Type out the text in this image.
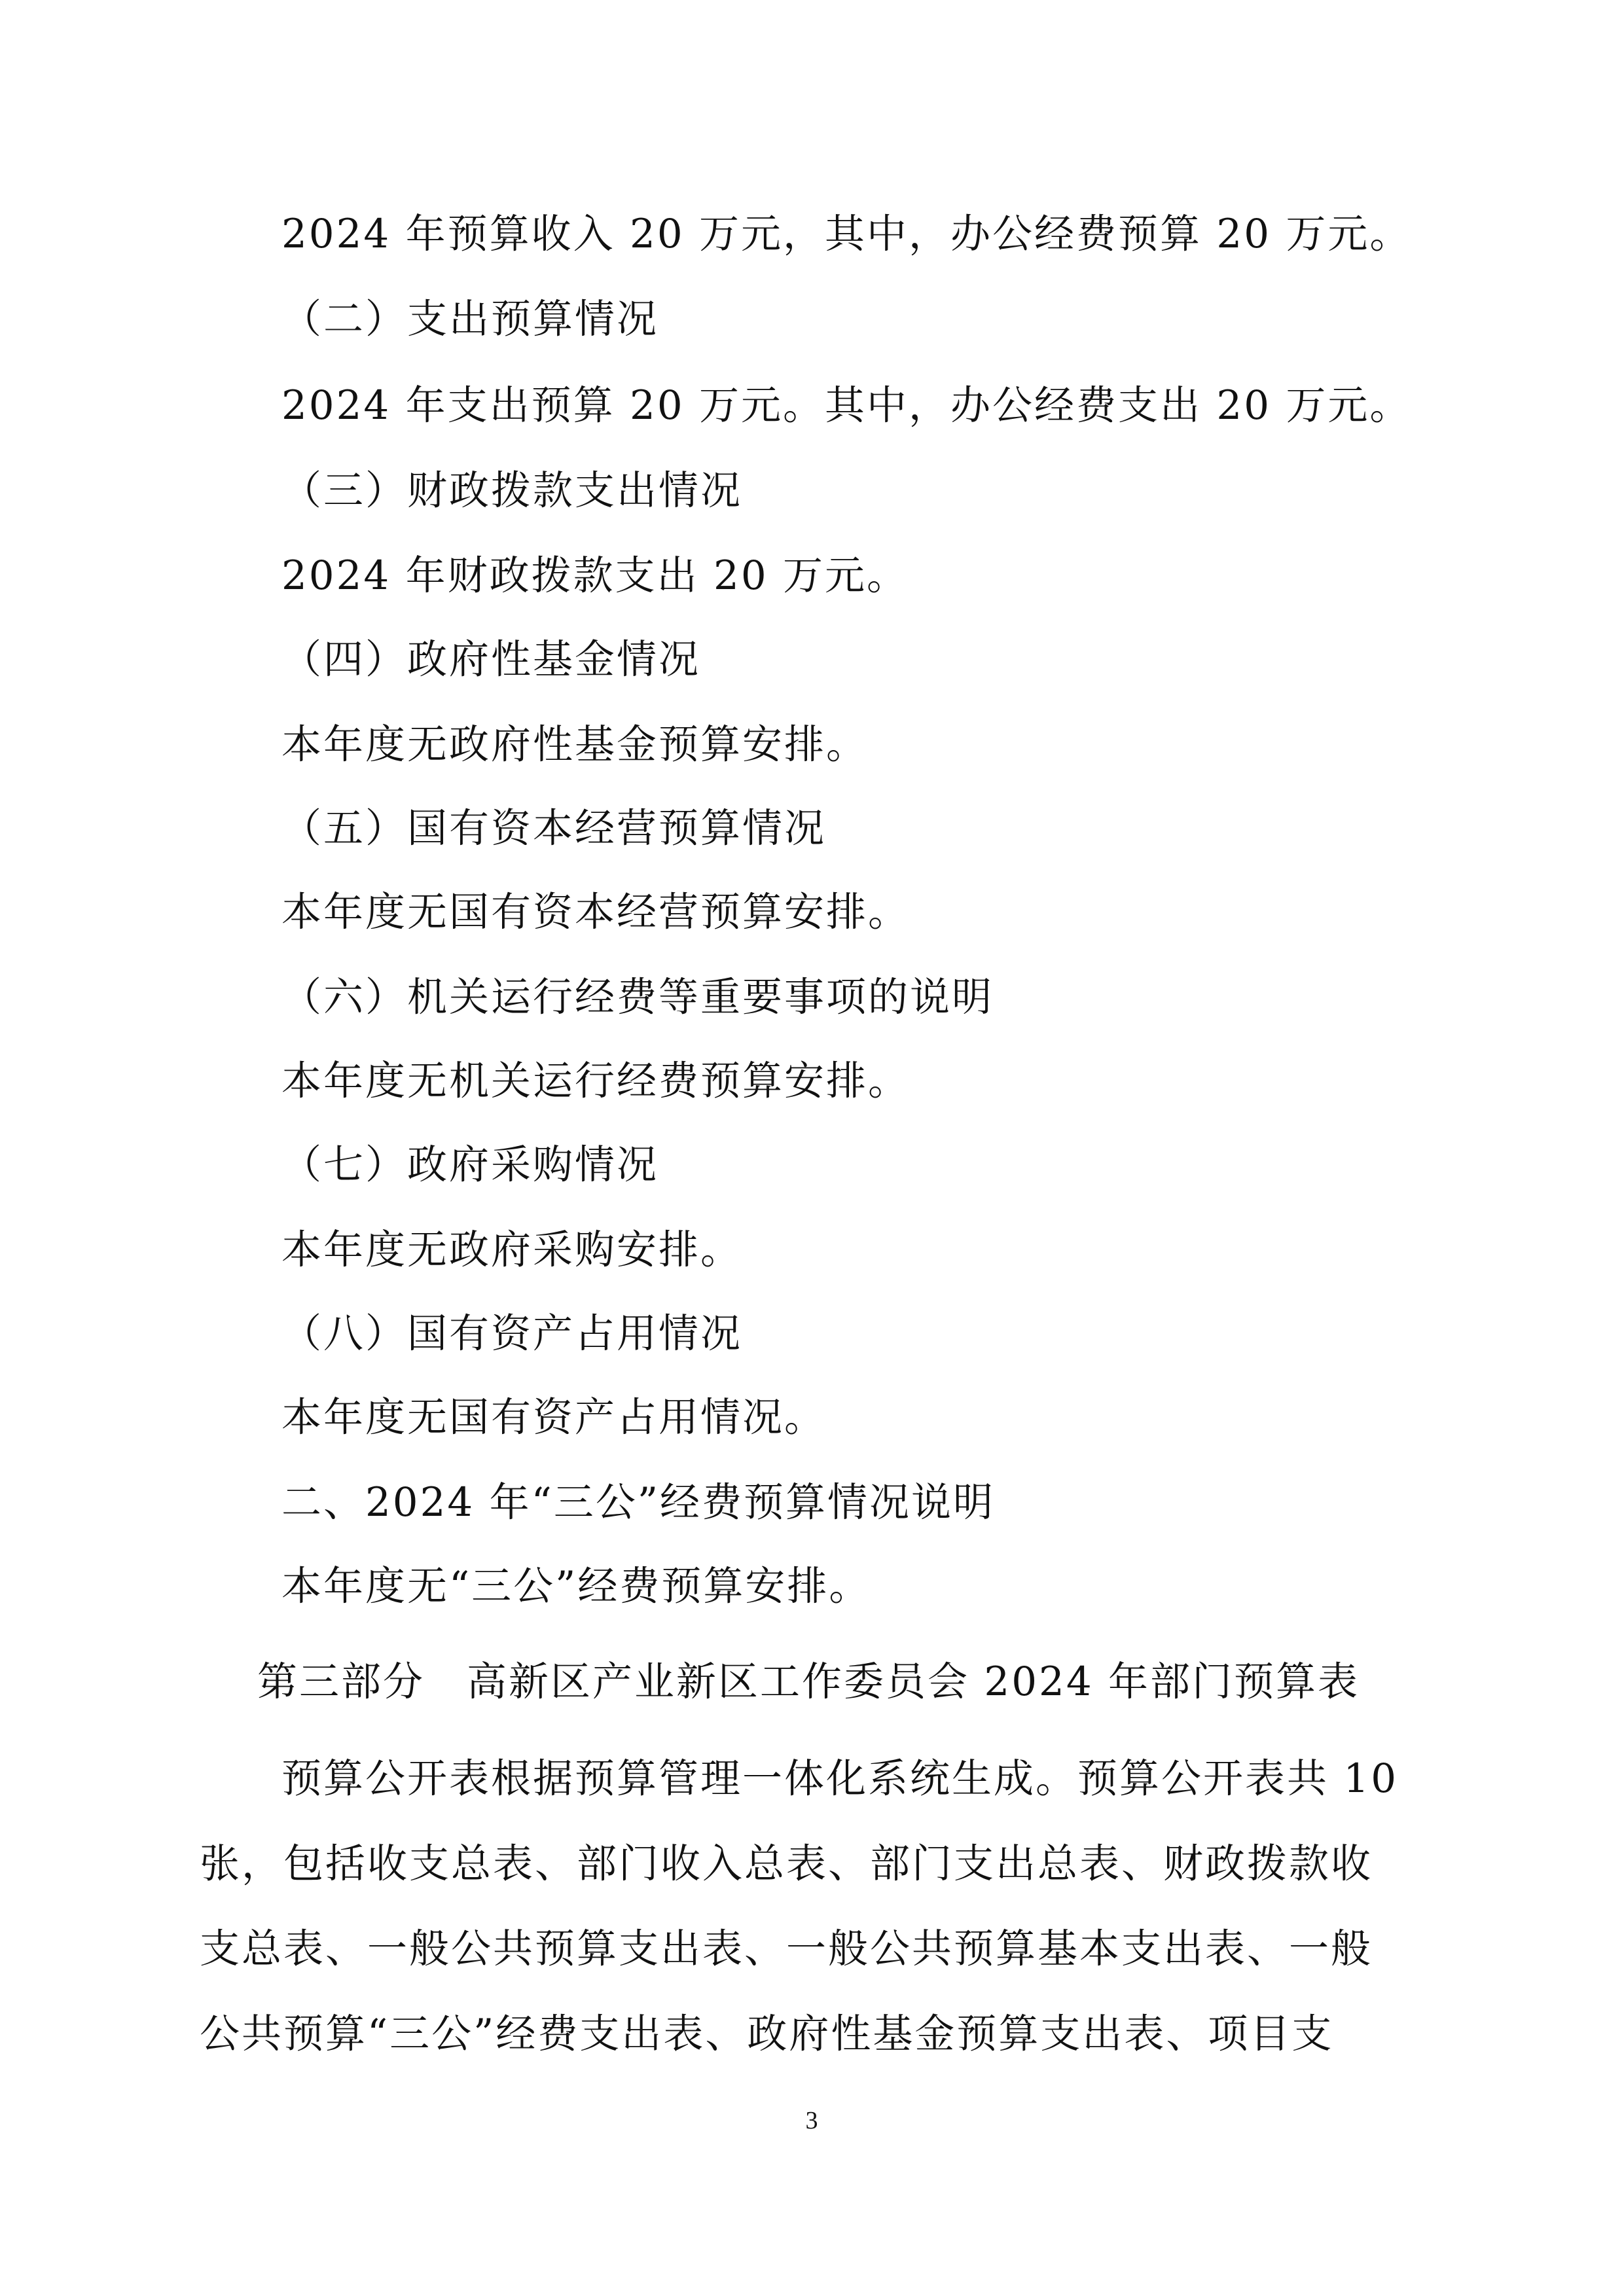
2024 年预算收入 20 万元，其中，办公经费预算 20 万元。

（二）支出预算情况

2024 年支出预算 20 万元。其中，办公经费支出 20 万元。

（三）财政拨款支出情况

2024 年财政拨款支出 20 万元。

（四）政府性基金情况

本年度无政府性基金预算安排。

（五）国有资本经营预算情况

本年度无国有资本经营预算安排。

（六）机关运行经费等重要事项的说明

本年度无机关运行经费预算安排。

（七）政府采购情况

本年度无政府采购安排。

（八）国有资产占用情况

本年度无国有资产占用情况。

二、2024 年“三公”经费预算情况说明

本年度无“三公”经费预算安排。

第三部分　高新区产业新区工作委员会 2024 年部门预算表

预算公开表根据预算管理一体化系统生成。预算公开表共 10
张，包括收支总表、部门收入总表、部门支出总表、财政拨款收
支总表、一般公共预算支出表、一般公共预算基本支出表、一般
公共预算“三公”经费支出表、政府性基金预算支出表、项目支
3
